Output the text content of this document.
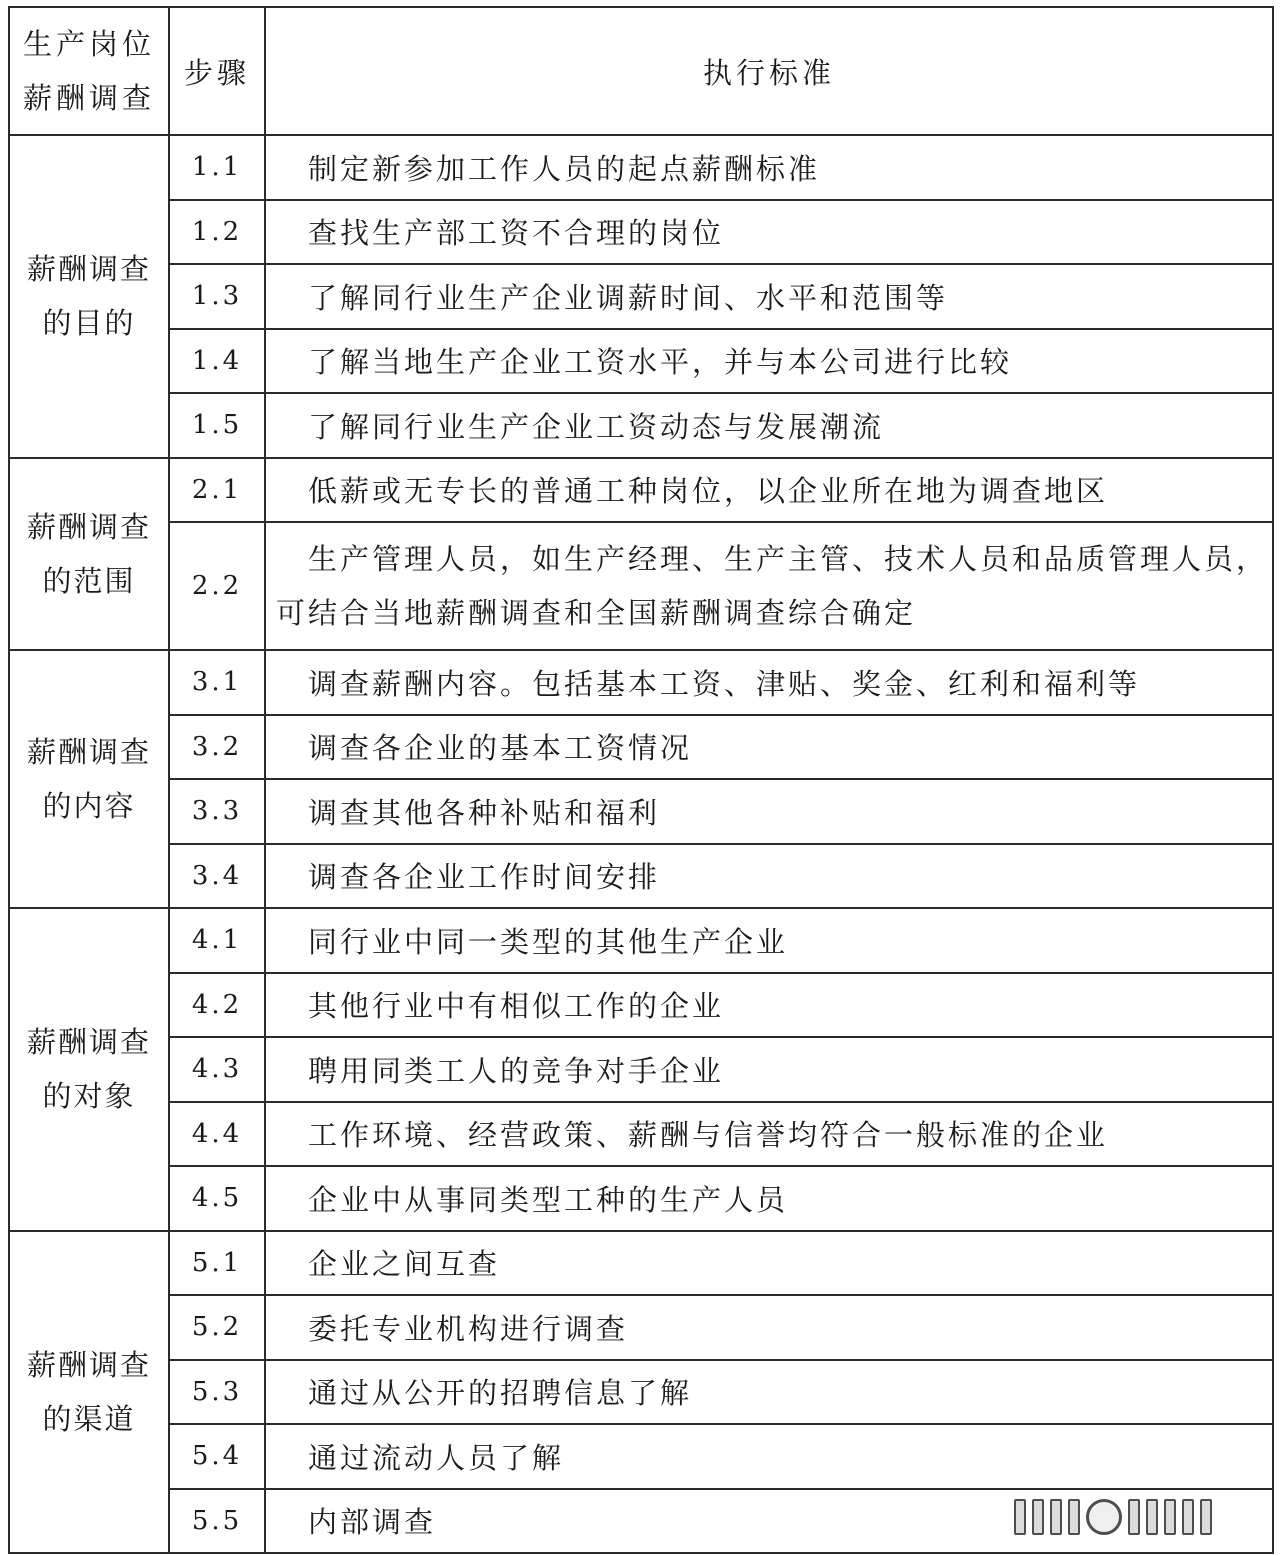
生产岗位
薪酬调查	步骤	执行标准

薪酬调查
的目的	1.1	制定新参加工作人员的起点薪酬标准
	1.2	查找生产部工资不合理的岗位
	1.3	了解同行业生产企业调薪时间、水平和范围等
	1.4	了解当地生产企业工资水平，并与本公司进行比较
	1.5	了解同行业生产企业工资动态与发展潮流

薪酬调查
的范围	2.1	低薪或无专长的普通工种岗位，以企业所在地为调查地区
	2.2	生产管理人员，如生产经理、生产主管、技术人员和品质管理人员，
可结合当地薪酬调查和全国薪酬调查综合确定

薪酬调查
的内容	3.1	调查薪酬内容。包括基本工资、津贴、奖金、红利和福利等
	3.2	调查各企业的基本工资情况
	3.3	调查其他各种补贴和福利
	3.4	调查各企业工作时间安排

薪酬调查
的对象	4.1	同行业中同一类型的其他生产企业
	4.2	其他行业中有相似工作的企业
	4.3	聘用同类工人的竞争对手企业
	4.4	工作环境、经营政策、薪酬与信誉均符合一般标准的企业
	4.5	企业中从事同类型工种的生产人员

薪酬调查
的渠道	5.1	企业之间互查
	5.2	委托专业机构进行调查
	5.3	通过从公开的招聘信息了解
	5.4	通过流动人员了解
	5.5	内部调查
